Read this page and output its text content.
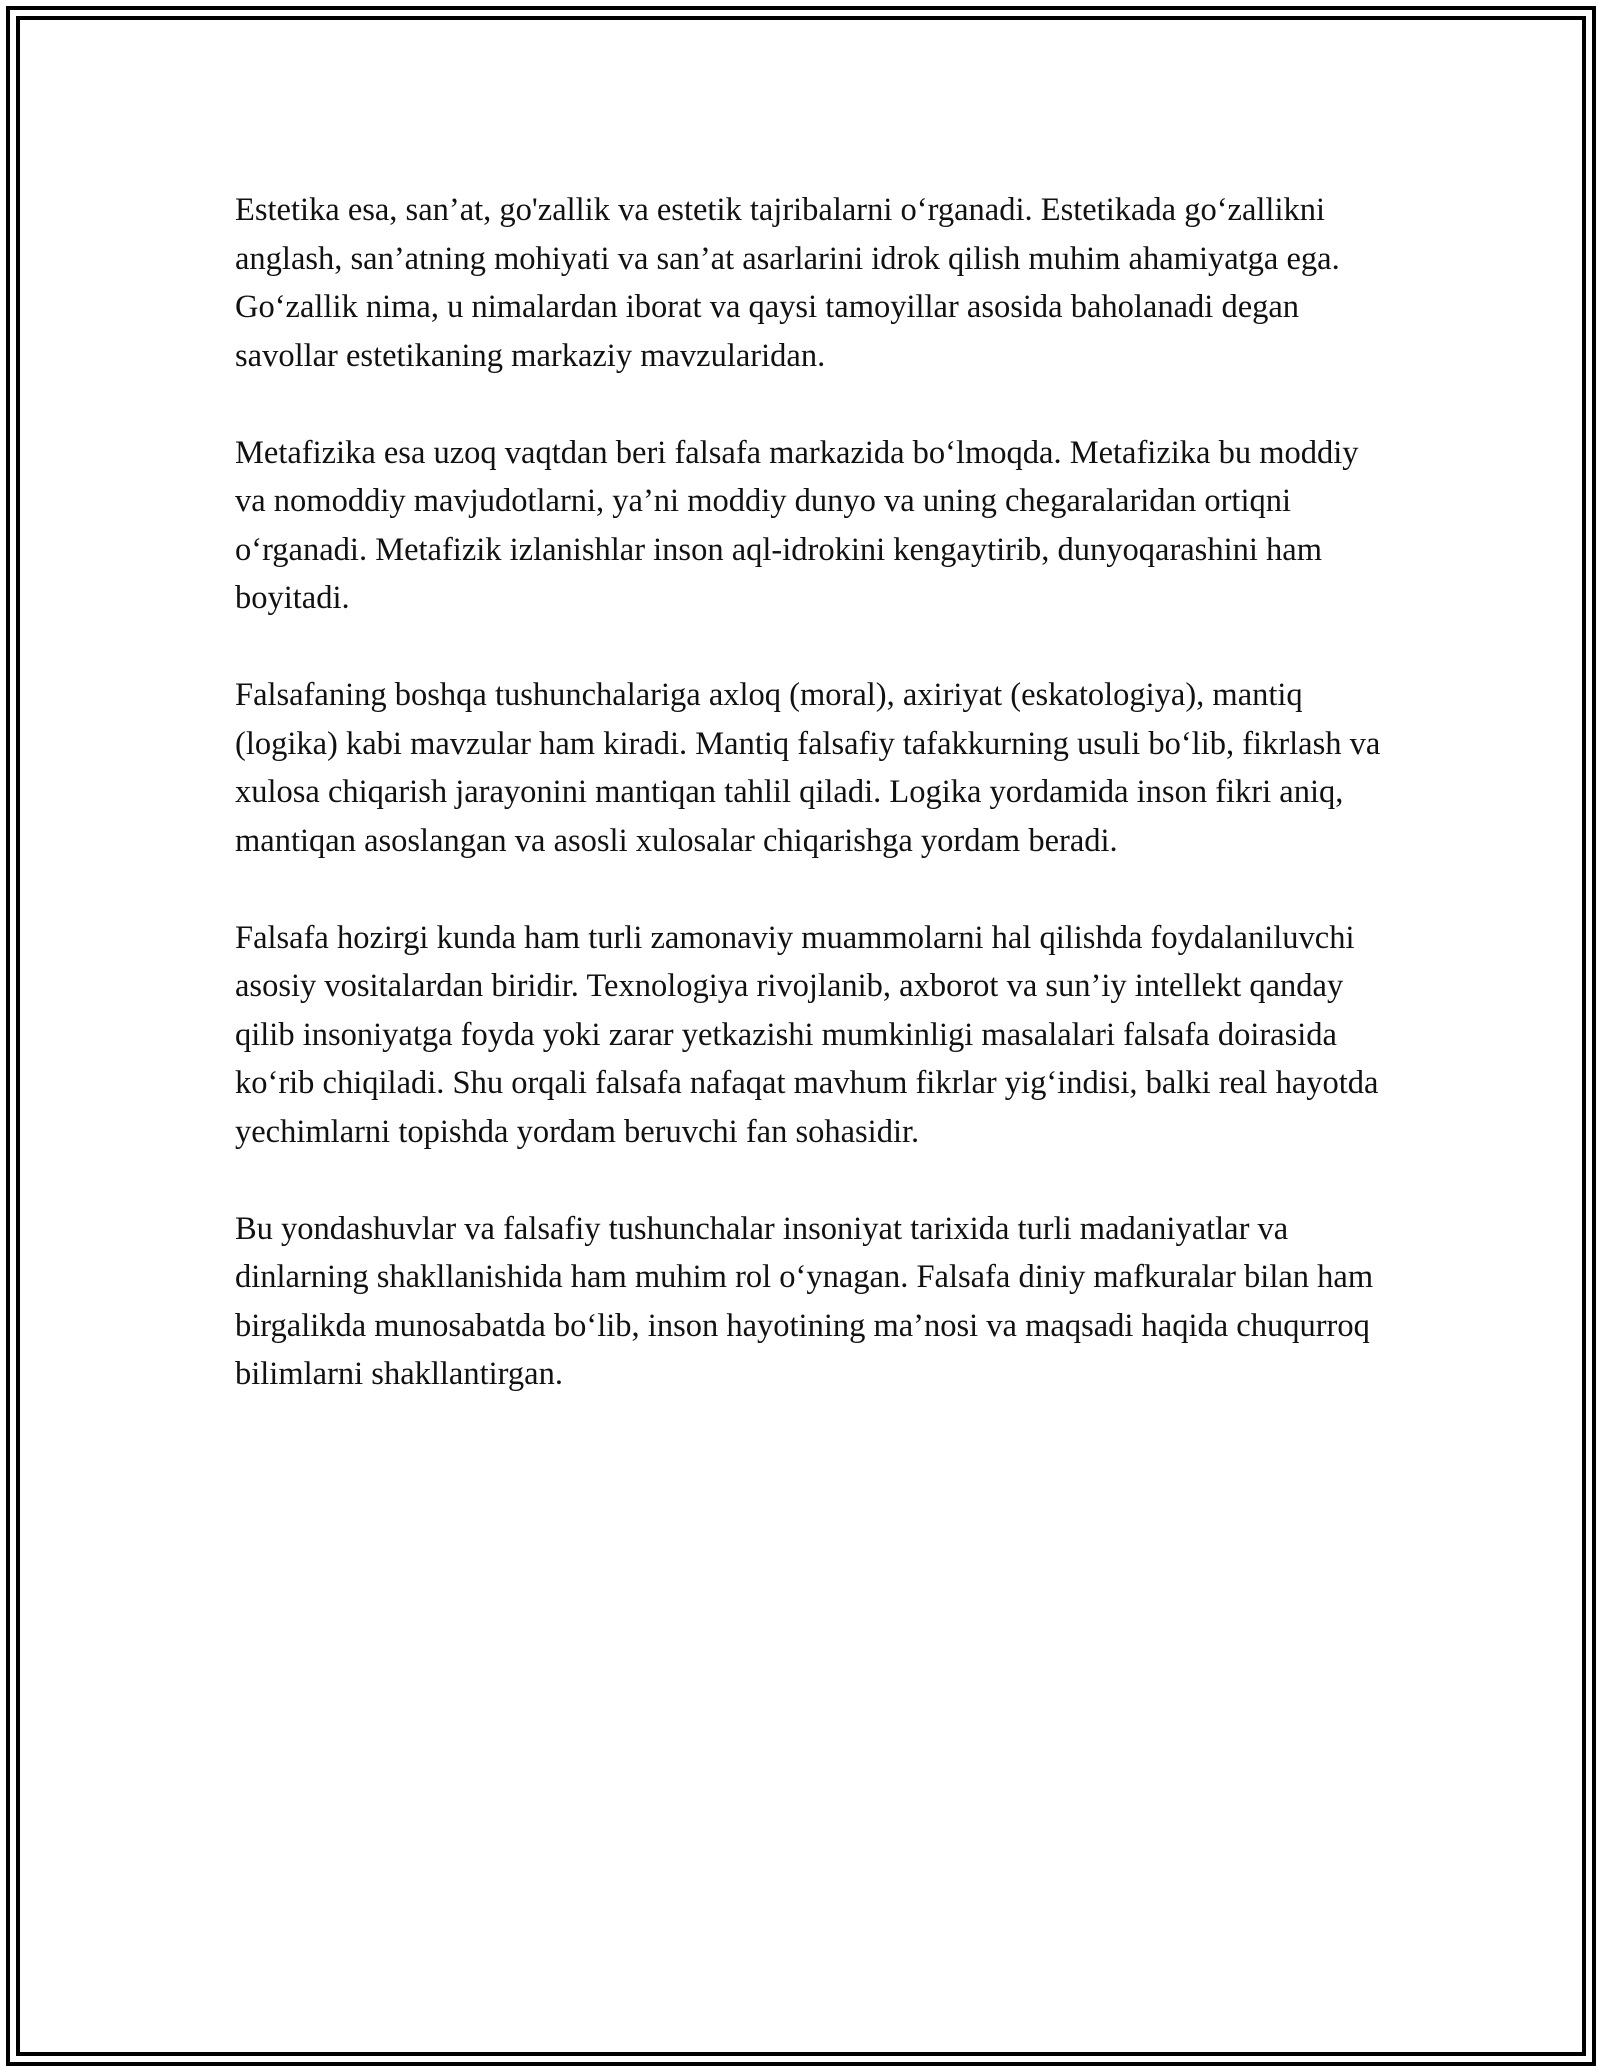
Estetika esa, san’at, go'zallik va estetik tajribalarni o‘rganadi. Estetikada go‘zallikni anglash, san’atning mohiyati va san’at asarlarini idrok qilish muhim ahamiyatga ega. Go‘zallik nima, u nimalardan iborat va qaysi tamoyillar asosida baholanadi degan savollar estetikaning markaziy mavzularidan.

Metafizika esa uzoq vaqtdan beri falsafa markazida bo‘lmoqda. Metafizika bu moddiy va nomoddiy mavjudotlarni, ya’ni moddiy dunyo va uning chegaralaridan ortiqni o‘rganadi. Metafizik izlanishlar inson aql-idrokini kengaytirib, dunyoqarashini ham boyitadi.

Falsafaning boshqa tushunchalariga axloq (moral), axiriyat (eskatologiya), mantiq (logika) kabi mavzular ham kiradi. Mantiq falsafiy tafakkurning usuli bo‘lib, fikrlash va xulosa chiqarish jarayonini mantiqan tahlil qiladi. Logika yordamida inson fikri aniq, mantiqan asoslangan va asosli xulosalar chiqarishga yordam beradi.

Falsafa hozirgi kunda ham turli zamonaviy muammolarni hal qilishda foydalaniluvchi asosiy vositalardan biridir. Texnologiya rivojlanib, axborot va sun’iy intellekt qanday qilib insoniyatga foyda yoki zarar yetkazishi mumkinligi masalalari falsafa doirasida ko‘rib chiqiladi. Shu orqali falsafa nafaqat mavhum fikrlar yig‘indisi, balki real hayotda yechimlarni topishda yordam beruvchi fan sohasidir.

Bu yondashuvlar va falsafiy tushunchalar insoniyat tarixida turli madaniyatlar va dinlarning shakllanishida ham muhim rol o‘ynagan. Falsafa diniy mafkuralar bilan ham birgalikda munosabatda bo‘lib, inson hayotining ma’nosi va maqsadi haqida chuqurroq bilimlarni shakllantirgan.
